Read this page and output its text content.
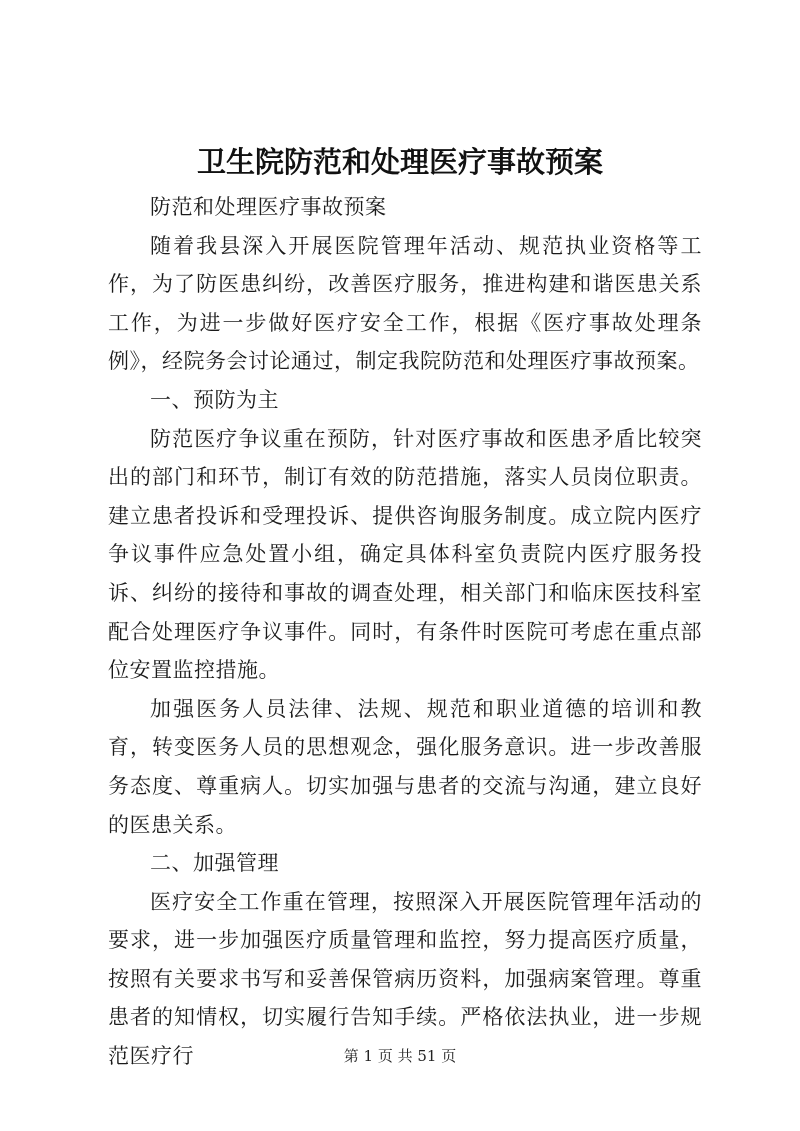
卫生院防范和处理医疗事故预案

防范和处理医疗事故预案

随着我县深入开展医院管理年活动、规范执业资格等工作，为了防医患纠纷，改善医疗服务，推进构建和谐医患关系工作，为进一步做好医疗安全工作，根据《医疗事故处理条例》，经院务会讨论通过，制定我院防范和处理医疗事故预案。

一、预防为主

防范医疗争议重在预防，针对医疗事故和医患矛盾比较突出的部门和环节，制订有效的防范措施，落实人员岗位职责。建立患者投诉和受理投诉、提供咨询服务制度。成立院内医疗争议事件应急处置小组，确定具体科室负责院内医疗服务投诉、纠纷的接待和事故的调查处理，相关部门和临床医技科室配合处理医疗争议事件。同时，有条件时医院可考虑在重点部位安置监控措施。

加强医务人员法律、法规、规范和职业道德的培训和教育，转变医务人员的思想观念，强化服务意识。进一步改善服务态度、尊重病人。切实加强与患者的交流与沟通，建立良好的医患关系。

二、加强管理

医疗安全工作重在管理，按照深入开展医院管理年活动的要求，进一步加强医疗质量管理和监控，努力提高医疗质量，按照有关要求书写和妥善保管病历资料，加强病案管理。尊重患者的知情权，切实履行告知手续。严格依法执业，进一步规范医疗行	第 1 页 共 51 页
